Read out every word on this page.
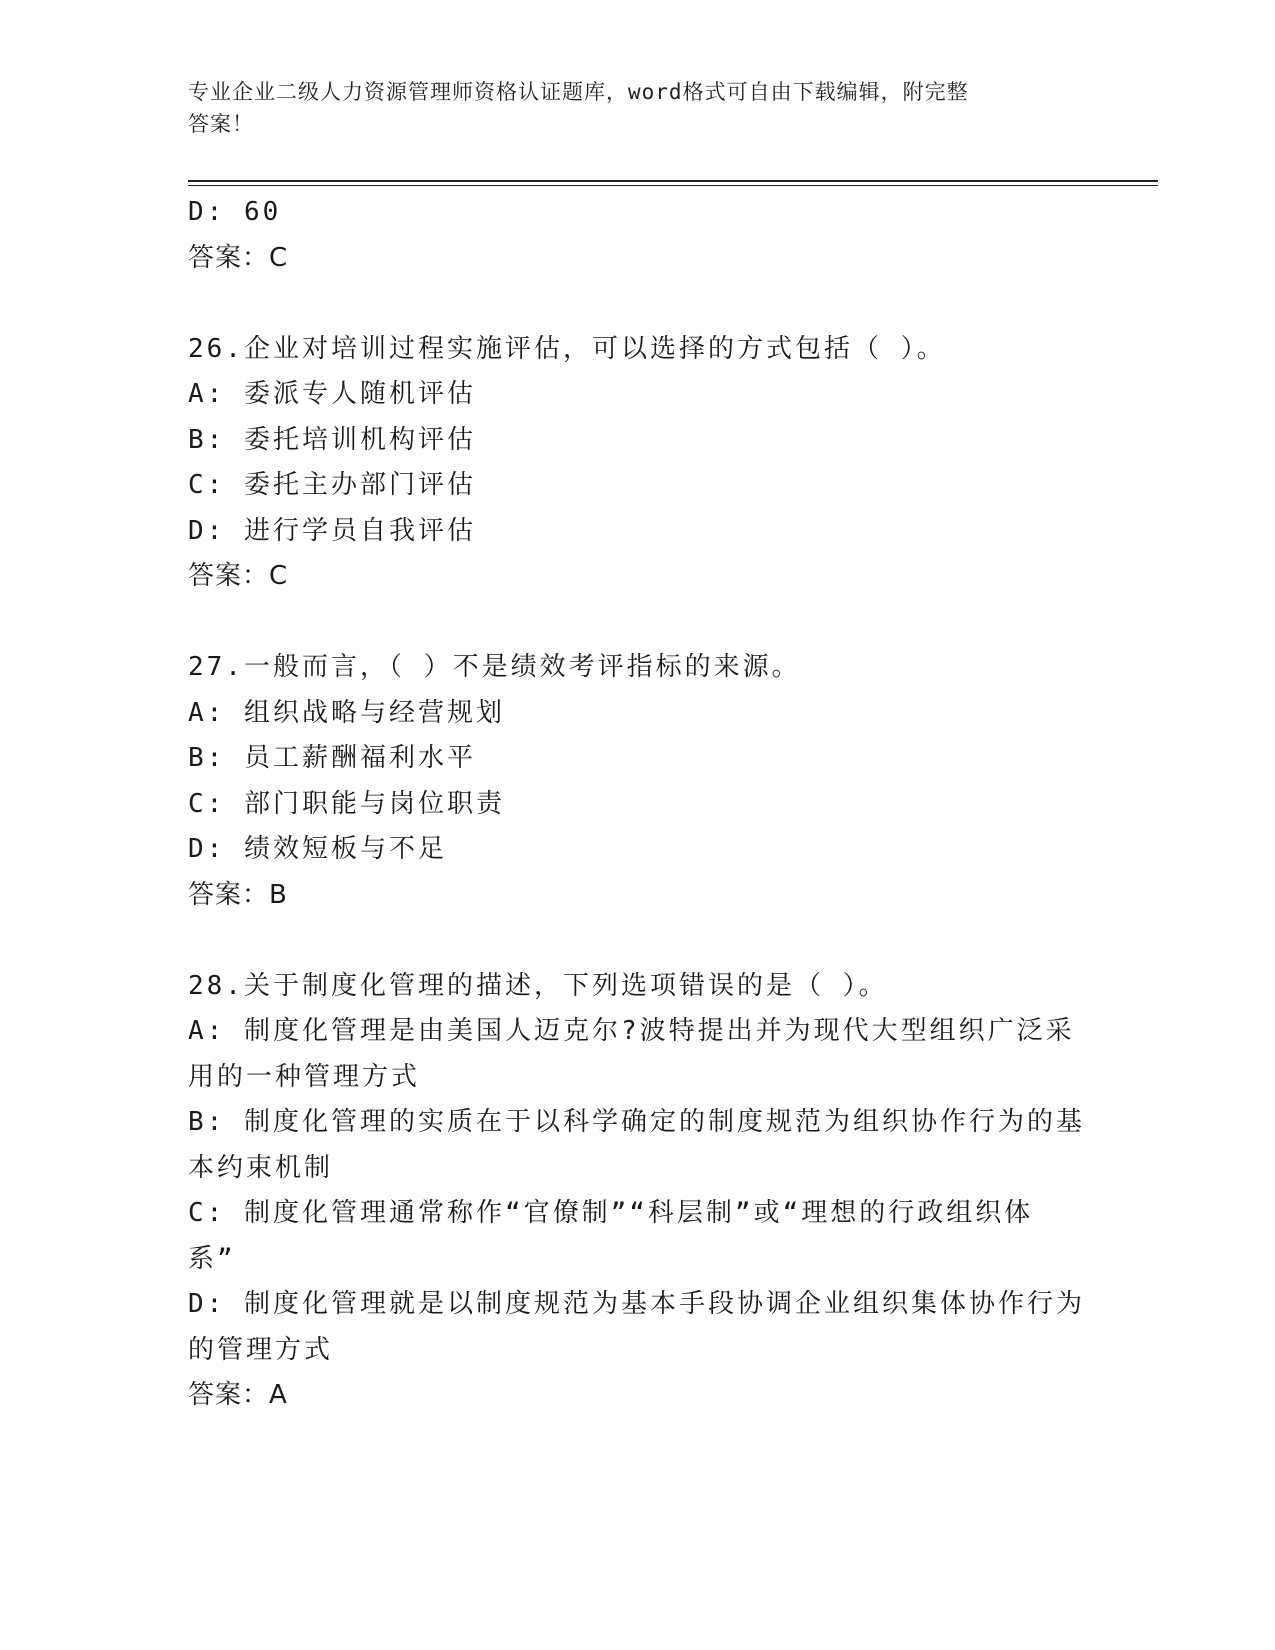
专业企业二级人力资源管理师资格认证题库，word格式可自由下载编辑，附完整
答案！
D: 60
答案：C
26.企业对培训过程实施评估，可以选择的方式包括（ ）。
A: 委派专人随机评估
B: 委托培训机构评估
C: 委托主办部门评估
D: 进行学员自我评估
答案：C
27.一般而言，（ ）不是绩效考评指标的来源。
A: 组织战略与经营规划
B: 员工薪酬福利水平
C: 部门职能与岗位职责
D: 绩效短板与不足
答案：B
28.关于制度化管理的描述，下列选项错误的是（ ）。
A: 制度化管理是由美国人迈克尔?波特提出并为现代大型组织广泛采
用的一种管理方式
B: 制度化管理的实质在于以科学确定的制度规范为组织协作行为的基
本约束机制
C: 制度化管理通常称作“官僚制”“科层制”或“理想的行政组织体
系”
D: 制度化管理就是以制度规范为基本手段协调企业组织集体协作行为
的管理方式
答案：A
